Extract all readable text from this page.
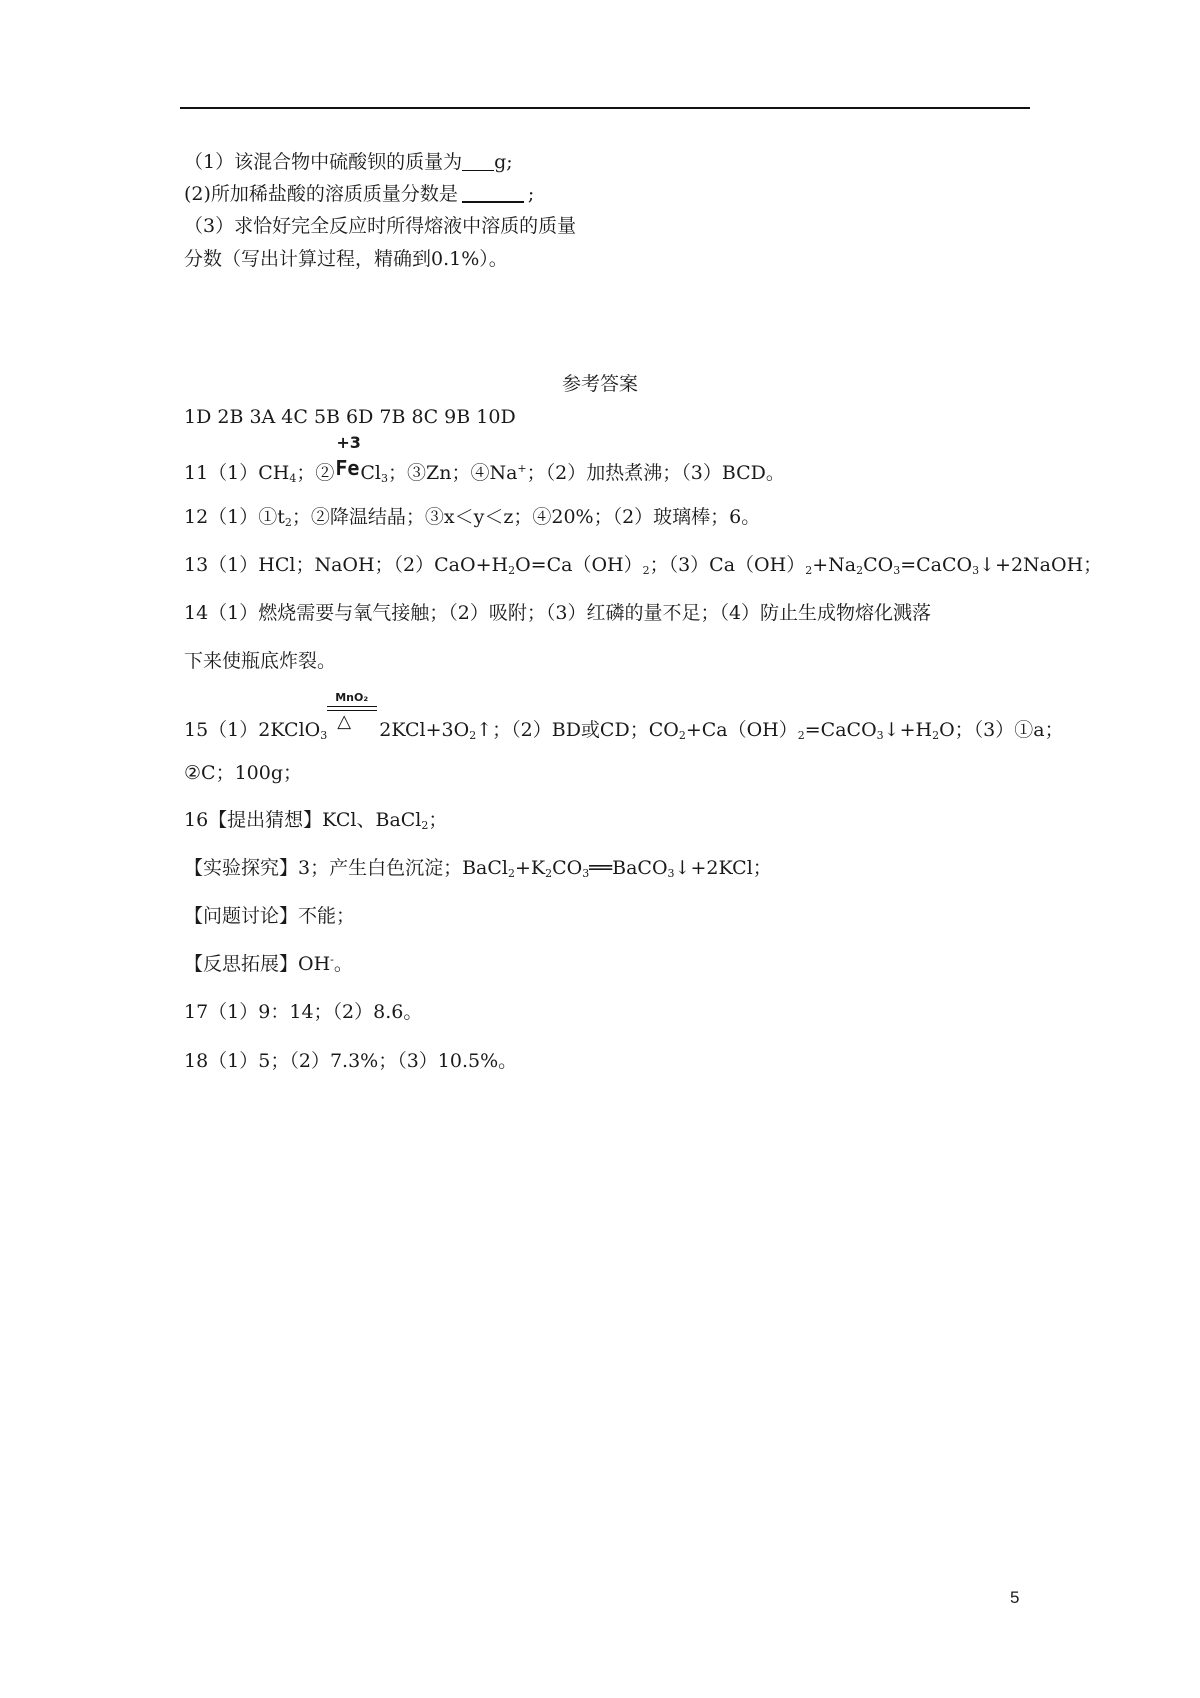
（1）该混合物中硫酸钡的质量为 g;
(2)所加稀盐酸的溶质质量分数是	;
（3）求恰好完全反应时所得熔液中溶质的质量
分数（写出计算过程，精确到0.1%）。
参考答案
1D 2B 3A 4C 5B 6D 7B 8C 9B 10D
$11(1)CH_4$；②
+3
Fe $Cl_3$；③Zn；④Na+；（2）加热煮沸；（3）BCD。
$12(1)①t_2$；②降温结晶；③x＜y＜z；④20%；（2）玻璃棒；6。
13（1）HCl；NaOH；$(2)CaO+H_2O=Ca(OH)_2$；$(3)Ca(OH)_2+Na_2CO_3=CaCO_3↓+2NaOH$；
14（1）燃烧需要与氧气接触；（2）吸附；（3）红磷的量不足；（4）防止生成物熔化溅落
下来使瓶底炸裂。
15（1）2KClO$_3$
MnO₂
△ $2KCl+3O_2↑$；（2）BD或CD；$CO_2+Ca(OH)_2=CaCO_3↓+H_2O$；（3）①a；
②C；100g；
16【提出猜想】KCl、BaCl$_2$；
【实验探究】3；产生白色沉淀；$BaCl_2+K_2CO_3══BaCO_3↓+2KCl$；
【问题讨论】不能；
【反思拓展】OH-。
17（1）9：14；（2）8.6。
18（1）5；（2）7.3%；（3）10.5%。
5
